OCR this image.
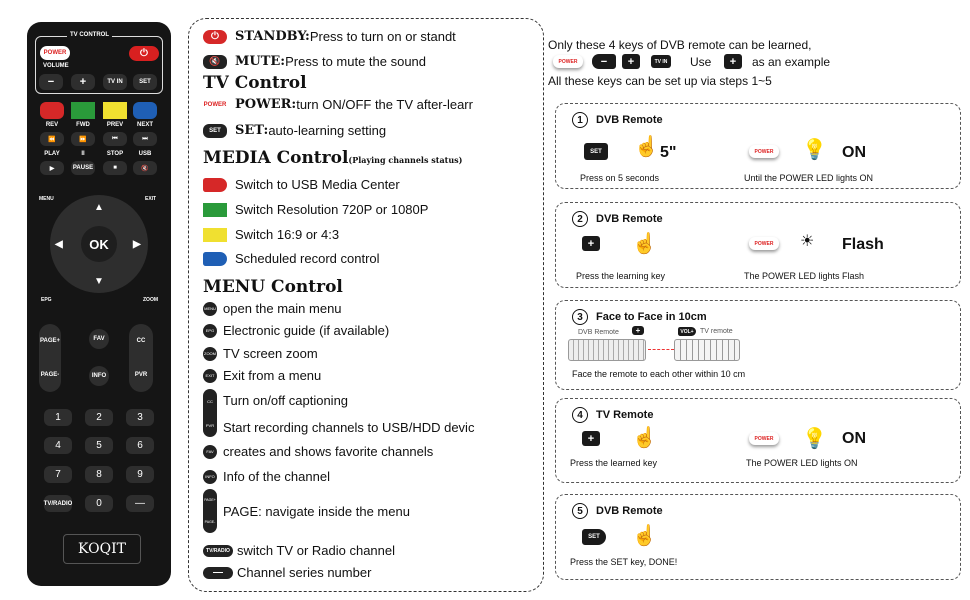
TV CONTROL
POWER	⏻
VOLUME
−	+	TV IN	SET
REV	FWD	PREV	NEXT
⏪	⏩	⏮	⏭
PLAY	II	STOP	USB
▶	PAUSE	■	🔇
MENU	EXIT
▲
▼
◀	▶
OK
EPG	ZOOM
PAGE+
PAGE-
FAV
INFO
CC
PVR
1	2	3
4	5	6
7	8	9
TV/RADIO	0	—
KOQIT
⏻	STANDBY: Press to turn on or standt
🔇	MUTE: Press to mute the sound
TV Control
POWER POWER: turn ON/OFF the TV after-learr
SET	SET: auto-learning setting
MEDIA Control(Playing channels status)
Switch to USB Media Center
Switch Resolution 720P or 1080P
Switch 16:9 or 4:3
Scheduled record control
MENU Control
MENU open the main menu
EPG Electronic guide (if available)
ZOOM TV screen zoom
EXIT Exit from a menu
CC
PVR
Turn on/off captioning
Start recording channels to USB/HDD devic
FAV creates and shows favorite channels
INFO Info of the channel
PAGE+
PAGE-
PAGE: navigate inside the menu
TV/RADIO switch TV or Radio channel
—	Channel series number
Only these 4 keys of DVB remote can be learned,
POWER	−	+	TV IN	Use	+	as an example
All these keys can be set up via steps 1~5
1	DVB Remote
SET	☝ 5"	POWER 💡 ON
Press on 5 seconds	Until the POWER LED lights ON
2	DVB Remote
+ ☝	POWER	☀ Flash
Press the learning key	The POWER LED lights Flash
3	Face to Face in 10cm
DVB Remote	+	VOL+ TV remote
Face the remote to each other within 10 cm
4	TV Remote
+ ☝	POWER 💡 ON
Press the learned key	The POWER LED lights ON
5	DVB Remote
SET	☝
Press the SET key, DONE!
